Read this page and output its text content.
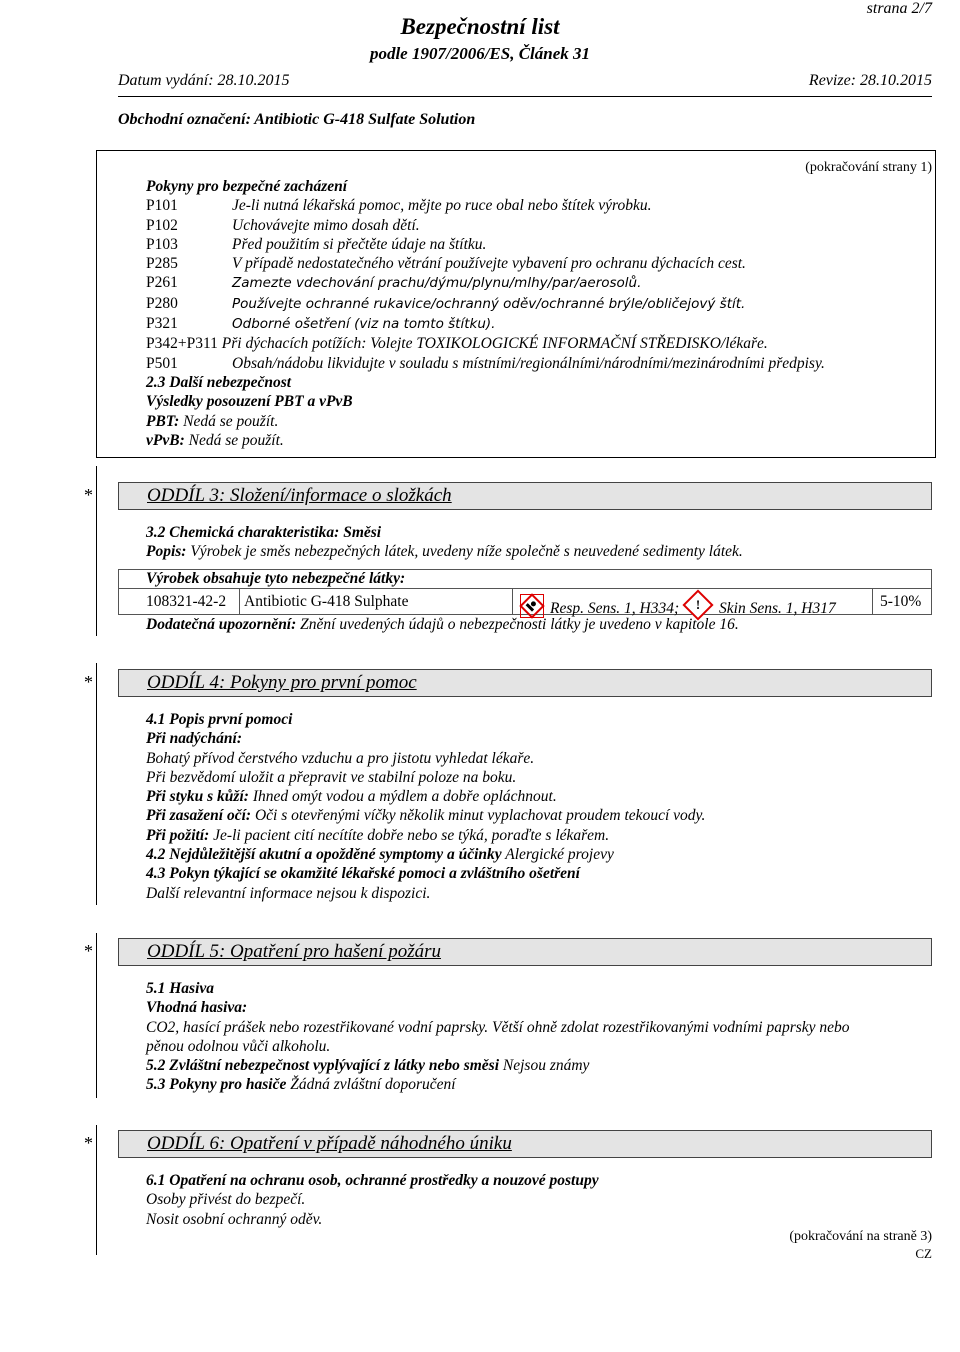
strana 2/7
Bezpečnostní list
podle 1907/2006/ES, Článek 31
Datum vydání: 28.10.2015	Revize: 28.10.2015
Obchodní označení: Antibiotic G-418 Sulfate Solution
(pokračování strany 1)
Pokyny pro bezpečné zacházení
P101	Je-li nutná lékařská pomoc, mějte po ruce obal nebo štítek výrobku.
P102	Uchovávejte mimo dosah dětí.
P103	Před použitím si přečtěte údaje na štítku.
P285	V případě nedostatečného větrání používejte vybavení pro ochranu dýchacích cest.
P261	Zamezte vdechování prachu/dýmu/plynu/mlhy/par/aerosolů.
P280	Používejte ochranné rukavice/ochranný oděv/ochranné brýle/obličejový štít.
P321	Odborné ošetření (viz na tomto štítku).
P342+P311 Při dýchacích potížích: Volejte TOXIKOLOGICKÉ INFORMAČNÍ STŘEDISKO/lékaře.
P501	Obsah/nádobu likvidujte v souladu s místními/regionálními/národními/mezinárodními předpisy.
2.3 Další nebezpečnost
Výsledky posouzení PBT a vPvB
PBT: Nedá se použít.
vPvB: Nedá se použít.
*	ODDÍL 3: Složení/informace o složkách
3.2 Chemická charakteristika: Směsi
Popis: Výrobek je směs nebezpečných látek, uvedeny níže společně s neuvedené sedimenty látek.
Výrobek obsahuje tyto nebezpečné látky:
108321-42-2 Antibiotic G-418 Sulphate	Resp. Sens. 1, H334;	!	Skin Sens. 1, H317	5-10%
Dodatečná upozornění: Znění uvedených údajů o nebezpečnosti látky je uvedeno v kapitole 16.
*	ODDÍL 4: Pokyny pro první pomoc
4.1 Popis první pomoci
Při nadýchání:
Bohatý přívod čerstvého vzduchu a pro jistotu vyhledat lékaře.
Při bezvědomí uložit a přepravit ve stabilní poloze na boku.
Při styku s kůží: Ihned omýt vodou a mýdlem a dobře opláchnout.
Při zasažení očí: Oči s otevřenými víčky několik minut vyplachovat proudem tekoucí vody.
Při požití: Je-li pacient cití necítíte dobře nebo se týká, poraďte s lékařem.
4.2 Nejdůležitější akutní a opožděné symptomy a účinky Alergické projevy
4.3 Pokyn týkající se okamžité lékařské pomoci a zvláštního ošetření
Další relevantní informace nejsou k dispozici.
*	ODDÍL 5: Opatření pro hašení požáru
5.1 Hasiva
Vhodná hasiva:
CO2, hasící prášek nebo rozestřikované vodní paprsky. Větší ohně zdolat rozestřikovanými vodními paprsky nebo
pěnou odolnou vůči alkoholu.
5.2 Zvláštní nebezpečnost vyplývající z látky nebo směsi Nejsou známy
5.3 Pokyny pro hasiče Žádná zvláštní doporučení
*	ODDÍL 6: Opatření v případě náhodného úniku
6.1 Opatření na ochranu osob, ochranné prostředky a nouzové postupy
Osoby přivést do bezpečí.
Nosit osobní ochranný oděv.
(pokračování na straně 3)
CZ
